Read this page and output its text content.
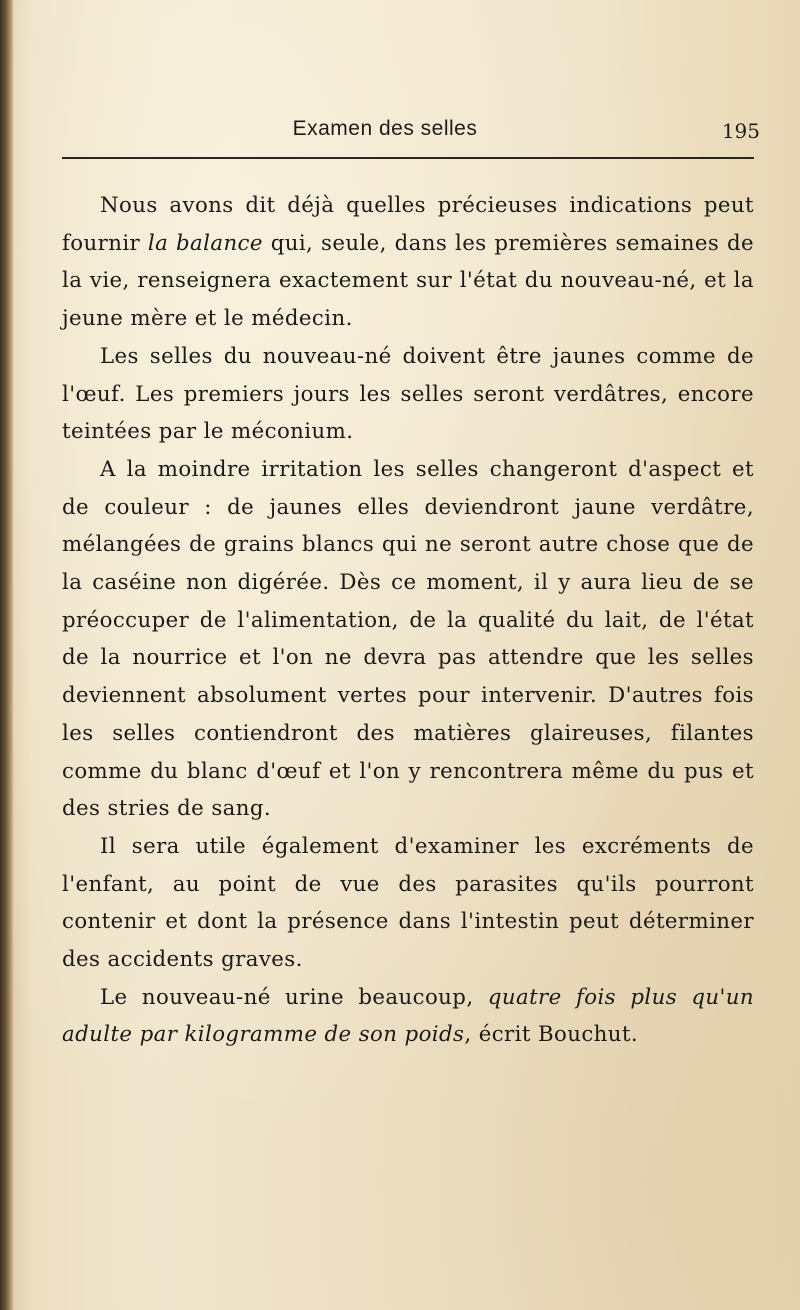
Examen des selles	195

Nous avons dit déjà quelles précieuses indications peut fournir la balance qui, seule, dans les premières semaines de la vie, renseignera exactement sur l'état du nouveau-né, et la jeune mère et le médecin.

Les selles du nouveau-né doivent être jaunes comme de l'œuf. Les premiers jours les selles seront verdâtres, encore teintées par le méconium.

A la moindre irritation les selles changeront d'aspect et de couleur : de jaunes elles deviendront jaune verdâtre, mélangées de grains blancs qui ne seront autre chose que de la caséine non digérée. Dès ce moment, il y aura lieu de se préoccuper de l'alimentation, de la qualité du lait, de l'état de la nourrice et l'on ne devra pas attendre que les selles deviennent absolument vertes pour intervenir. D'autres fois les selles contiendront des matières glaireuses, filantes comme du blanc d'œuf et l'on y rencontrera même du pus et des stries de sang.

Il sera utile également d'examiner les excréments de l'enfant, au point de vue des parasites qu'ils pourront contenir et dont la présence dans l'intestin peut déterminer des accidents graves.

Le nouveau-né urine beaucoup, quatre fois plus qu'un adulte par kilogramme de son poids, écrit Bouchut.
